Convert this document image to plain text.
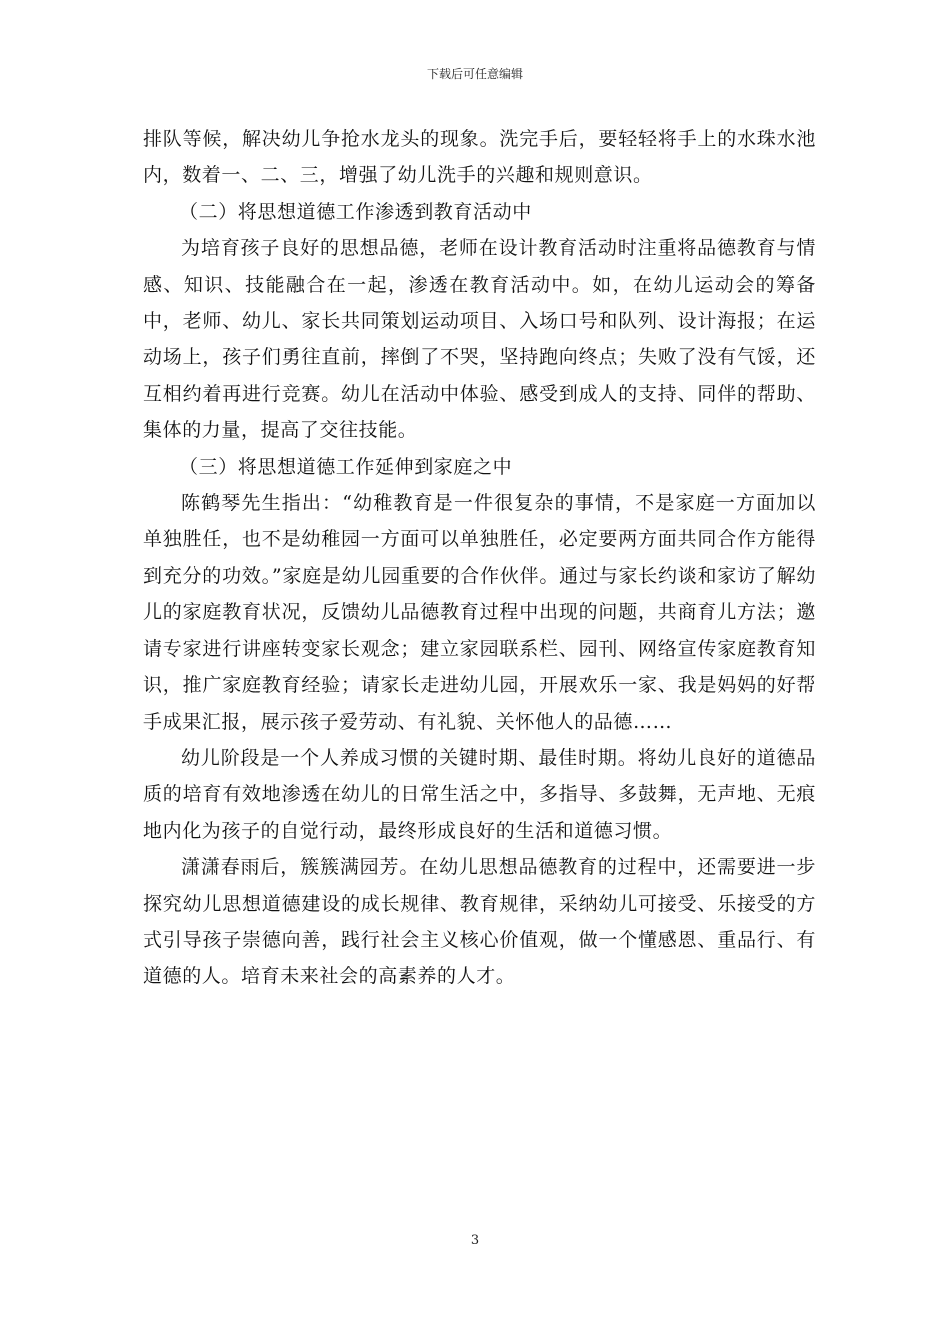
下载后可任意编辑

排队等候，解决幼儿争抢水龙头的现象。洗完手后，要轻轻将手上的水珠水池内，数着一、二、三，增强了幼儿洗手的兴趣和规则意识。

（二）将思想道德工作渗透到教育活动中

为培育孩子良好的思想品德，老师在设计教育活动时注重将品德教育与情感、知识、技能融合在一起，渗透在教育活动中。如，在幼儿运动会的筹备中，老师、幼儿、家长共同策划运动项目、入场口号和队列、设计海报；在运动场上，孩子们勇往直前，摔倒了不哭，坚持跑向终点；失败了没有气馁，还互相约着再进行竞赛。幼儿在活动中体验、感受到成人的支持、同伴的帮助、集体的力量，提高了交往技能。

（三）将思想道德工作延伸到家庭之中

陈鹤琴先生指出：“幼稚教育是一件很复杂的事情，不是家庭一方面加以单独胜任，也不是幼稚园一方面可以单独胜任，必定要两方面共同合作方能得到充分的功效。”家庭是幼儿园重要的合作伙伴。通过与家长约谈和家访了解幼儿的家庭教育状况，反馈幼儿品德教育过程中出现的问题，共商育儿方法；邀请专家进行讲座转变家长观念；建立家园联系栏、园刊、网络宣传家庭教育知识，推广家庭教育经验；请家长走进幼儿园，开展欢乐一家、我是妈妈的好帮手成果汇报，展示孩子爱劳动、有礼貌、关怀他人的品德……

幼儿阶段是一个人养成习惯的关键时期、最佳时期。将幼儿良好的道德品质的培育有效地渗透在幼儿的日常生活之中，多指导、多鼓舞，无声地、无痕地内化为孩子的自觉行动，最终形成良好的生活和道德习惯。

潇潇春雨后，簇簇满园芳。在幼儿思想品德教育的过程中，还需要进一步探究幼儿思想道德建设的成长规律、教育规律，采纳幼儿可接受、乐接受的方式引导孩子崇德向善，践行社会主义核心价值观，做一个懂感恩、重品行、有道德的人。培育未来社会的高素养的人才。

3
